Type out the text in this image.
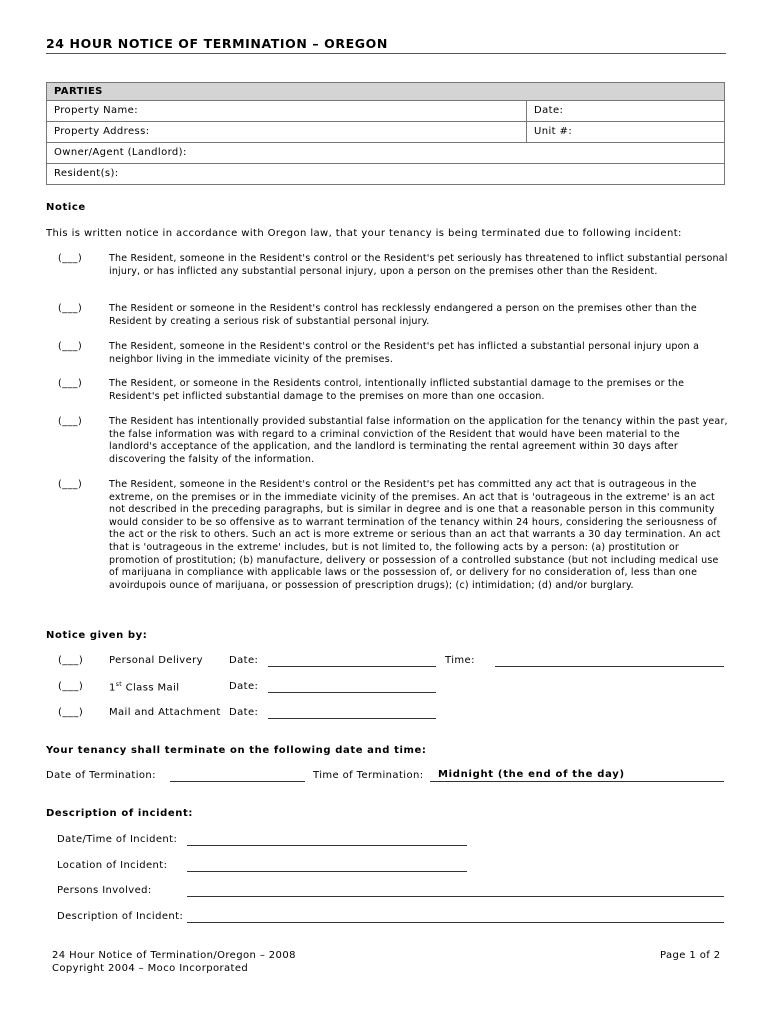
24 HOUR NOTICE OF TERMINATION – OREGON
PARTIES
Property Name:	Date:
Property Address:	Unit #:
Owner/Agent (Landlord):
Resident(s):
Notice
This is written notice in accordance with Oregon law, that your tenancy is being terminated due to following incident:
(___)	The Resident, someone in the Resident's control or the Resident's pet seriously has threatened to inflict substantial personal injury, or has inflicted any substantial personal injury, upon a person on the premises other than the Resident.
(___)	The Resident or someone in the Resident's control has recklessly endangered a person on the premises other than the Resident by creating a serious risk of substantial personal injury.
(___)	The Resident, someone in the Resident's control or the Resident's pet has inflicted a substantial personal injury upon a neighbor living in the immediate vicinity of the premises.
(___)	The Resident, or someone in the Residents control, intentionally inflicted substantial damage to the premises or the Resident's pet inflicted substantial damage to the premises on more than one occasion.
(___)	The Resident has intentionally provided substantial false information on the application for the tenancy within the past year, the false information was with regard to a criminal conviction of the Resident that would have been material to the landlord's acceptance of the application, and the landlord is terminating the rental agreement within 30 days after discovering the falsity of the information.
(___)	The Resident, someone in the Resident's control or the Resident's pet has committed any act that is outrageous in the extreme, on the premises or in the immediate vicinity of the premises. An act that is 'outrageous in the extreme' is an act not described in the preceding paragraphs, but is similar in degree and is one that a reasonable person in this community would consider to be so offensive as to warrant termination of the tenancy within 24 hours, considering the seriousness of the act or the risk to others. Such an act is more extreme or serious than an act that warrants a 30 day termination. An act that is 'outrageous in the extreme' includes, but is not limited to, the following acts by a person: (a) prostitution or promotion of prostitution; (b) manufacture, delivery or possession of a controlled substance (but not including medical use of marijuana in compliance with applicable laws or the possession of, or delivery for no consideration of, less than one avoirdupois ounce of marijuana, or possession of prescription drugs); (c) intimidation; (d) and/or burglary.
Notice given by:
(___)	Personal Delivery	Date:	Time:
(___)	1st Class Mail	Date:
(___)	Mail and Attachment Date:
Your tenancy shall terminate on the following date and time:
Date of Termination:	Time of Termination: Midnight (the end of the day)
Description of incident:
Date/Time of Incident:
Location of Incident:
Persons Involved:
Description of Incident:
24 Hour Notice of Termination/Oregon – 2008
Copyright 2004 – Moco Incorporated
Page 1 of 2
